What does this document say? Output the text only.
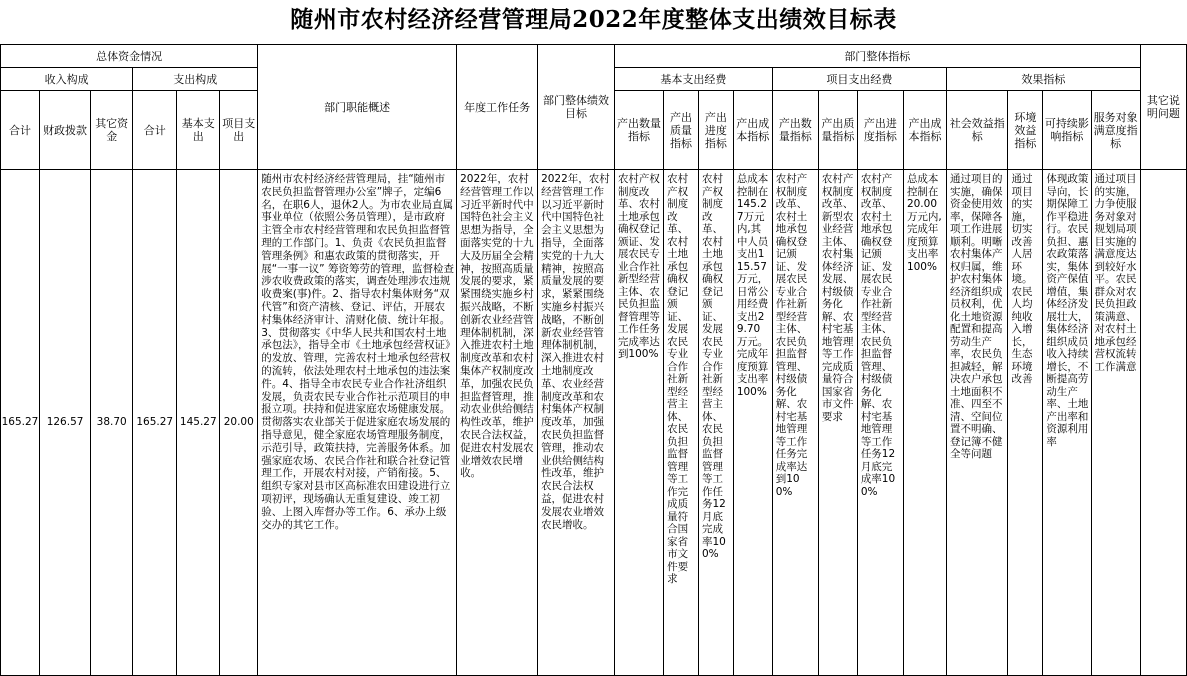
随州市农村经济经营管理局2022年度整体支出绩效目标表
总体资金情况						部门职能概述	年度工作任务	部门整体绩效目标	部门整体指标												其它说明问题
收入构成			支出构成						基本支出经费				项目支出经费				效果指标				
合计	财政拨款	其它资金	合计	基本支出	项目支出				产出数量指标	产出质量指标	产出进度指标	产出成本指标	产出数量指标	产出质量指标	产出进度指标	产出成本指标	社会效益指标	环境效益指标	可持续影响指标	服务对象满意度指标	
165.27	126.57	38.70	165.27	145.27	20.00	随州市农村经济经营管理局，挂“随州市农民负担监督管理办公室”牌子，定编6名，在职6人，退休2人。为市农业局直属事业单位（依照公务员管理），是市政府主管全市农村经营管理和农民负担监督管理的工作部门。1、负责《农民负担监督管理条例》和惠农政策的贯彻落实，开展“一事一议” 筹资筹劳的管理，监督检查涉农收费政策的落实，调查处理涉农违规收费案(事)件。2、指导农村集体财务“双代管”和资产清核、登记、评估，开展农村集体经济审计、清财化债、统计年报。3、贯彻落实《中华人民共和国农村土地承包法》，指导全市《土地承包经营权证》的发放、管理，完善农村土地承包经营权的流转，依法处理农村土地承包的违法案件。4、指导全市农民专业合作社济组织发展，负责农民专业合作社示范项目的申报立项。扶持和促进家庭农场健康发展。贯彻落实农业部关于促进家庭农场发展的指导意见，健全家庭农场管理服务制度，示范引导，政策扶持，完善服务体系。加强家庭农场、农民合作社和联合社登记管理工作，开展农村对接，产销衔接。5、组织专家对县市区高标准农田建设进行立项初评，现场确认无重复建设、竣工初验、上图入库督办等工作。6、承办上级交办的其它工作。	2022年，农村经营管理工作以习近平新时代中国特色社会主义思想为指导，全面落实党的十九大及历届全会精神，按照高质量发展的要求，紧紧围绕实施乡村振兴战略，不断创新农业经营管理体制机制，深入推进农村土地制度改革和农村集体产权制度改革，加强农民负担监督管理，推动农业供给侧结构性改革，维护农民合法权益，促进农村发展农业增效农民增收。	2022年，农村经营管理工作以习近平新时代中国特色社会主义思想为指导，全面落实党的十九大精神，按照高质量发展的要求，紧紧围绕实施乡村振兴战略，不断创新农业经营管理体制机制，深入推进农村土地制度改革、农业经营制度改革和农村集体产权制度改革，加强农民负担监督管理，推动农业供给侧结构性改革，维护农民合法权益，促进农村发展农业增效农民增收。	农村产权制度改革、农村土地承包确权登记颁证、发展农民专业合作社新型经营主体、农民负担监督管理等工作任务完成率达到100%	农村产权制度改革、农村土地承包确权登记颁证、发展农民专业合作社新型经营主体、农民负担监督管理等工作完成质量符合国家省市文件要求	农村产权制度改革、农村土地承包确权登记颁证、发展农民专业合作社新型经营主体、农民负担监督管理等工作任务12月底完成率100%	总成本控制在145.27万元内,其中人员支出115.57万元，日常公用经费支出29.70万元。完成年度预算支出率100%	农村产权制度改革、农村土地承包确权登记颁证、发展农民专业合作社新型经营主体、农民负担监督管理、村级债务化解、农村宅基地管理等工作任务完成率达到100%	农村产权制度改革、新型农业经营主体、农村集体经济发展、村级债务化解、农村宅基地管理等工作完成质量符合国家省市文件要求	农村产权制度改革、农村土地承包确权登记颁证、发展农民专业合作社新型经营主体、农民负担监督管理、村级债务化解、农村宅基地管理等工作任务12月底完成率100%	总成本控制在20.00万元内,完成年度预算支出率100%	通过项目的实施，确保资金使用效率，保障各项工作进展顺利。明晰农村集体产权归属，维护农村集体经济组织成员权利，优化土地资源配置和提高劳动生产率，农民负担减轻，解决农户承包土地面积不准、四至不清、空间位置不明确、登记簿不健全等问题	通过项目的实施，切实改善人居环境。农民人均纯收入增长，生态环境改善	体现政策导向，长期保障工作平稳进行。农民负担、惠农政策落实，集体资产保值增值，集体经济发展壮大，集体经济组织成员收入持续增长，不断提高劳动生产率、土地产出率和资源利用率	通过项目的实施，力争使服务对象对规划局项目实施的满意度达到较好水平。农民群众对农民负担政策满意、对农村土地承包经营权流转工作满意	
